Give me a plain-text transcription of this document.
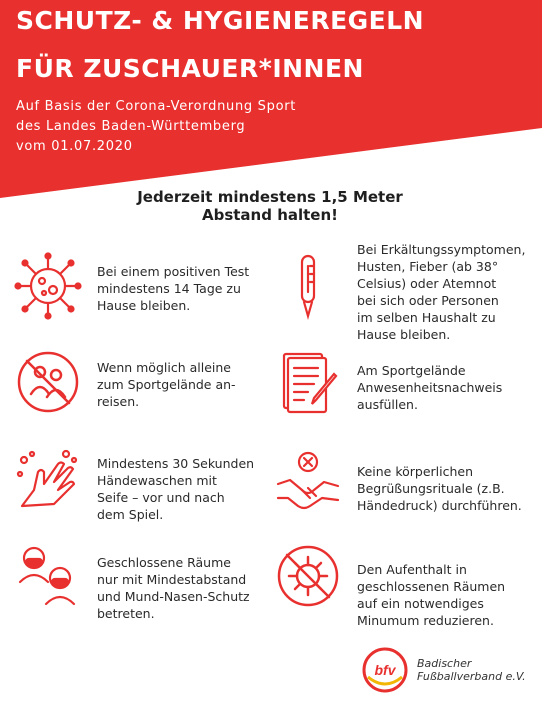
SCHUTZ- & HYGIENEREGELN
FÜR ZUSCHAUER*INNEN
Auf Basis der Corona-Verordnung Sport
des Landes Baden-Württemberg
vom 01.07.2020
Jederzeit mindestens 1,5 Meter
Abstand halten!
Bei einem positiven Test
mindestens 14 Tage zu
Hause bleiben.
Bei Erkältungssymptomen,
Husten, Fieber (ab 38°
Celsius) oder Atemnot
bei sich oder Personen
im selben Haushalt zu
Hause bleiben.
Wenn möglich alleine
zum Sportgelände an-
reisen.
Am Sportgelände
Anwesenheitsnachweis
ausfüllen.
Mindestens 30 Sekunden
Händewaschen mit
Seife – vor und nach
dem Spiel.
Keine körperlichen
Begrüßungsrituale (z.B.
Händedruck) durchführen.
Geschlossene Räume
nur mit Mindestabstand
und Mund-Nasen-Schutz
betreten.
Den Aufenthalt in
geschlossenen Räumen
auf ein notwendiges
Minumum reduzieren.
bfv Badischer
Fußballverband e.V.
